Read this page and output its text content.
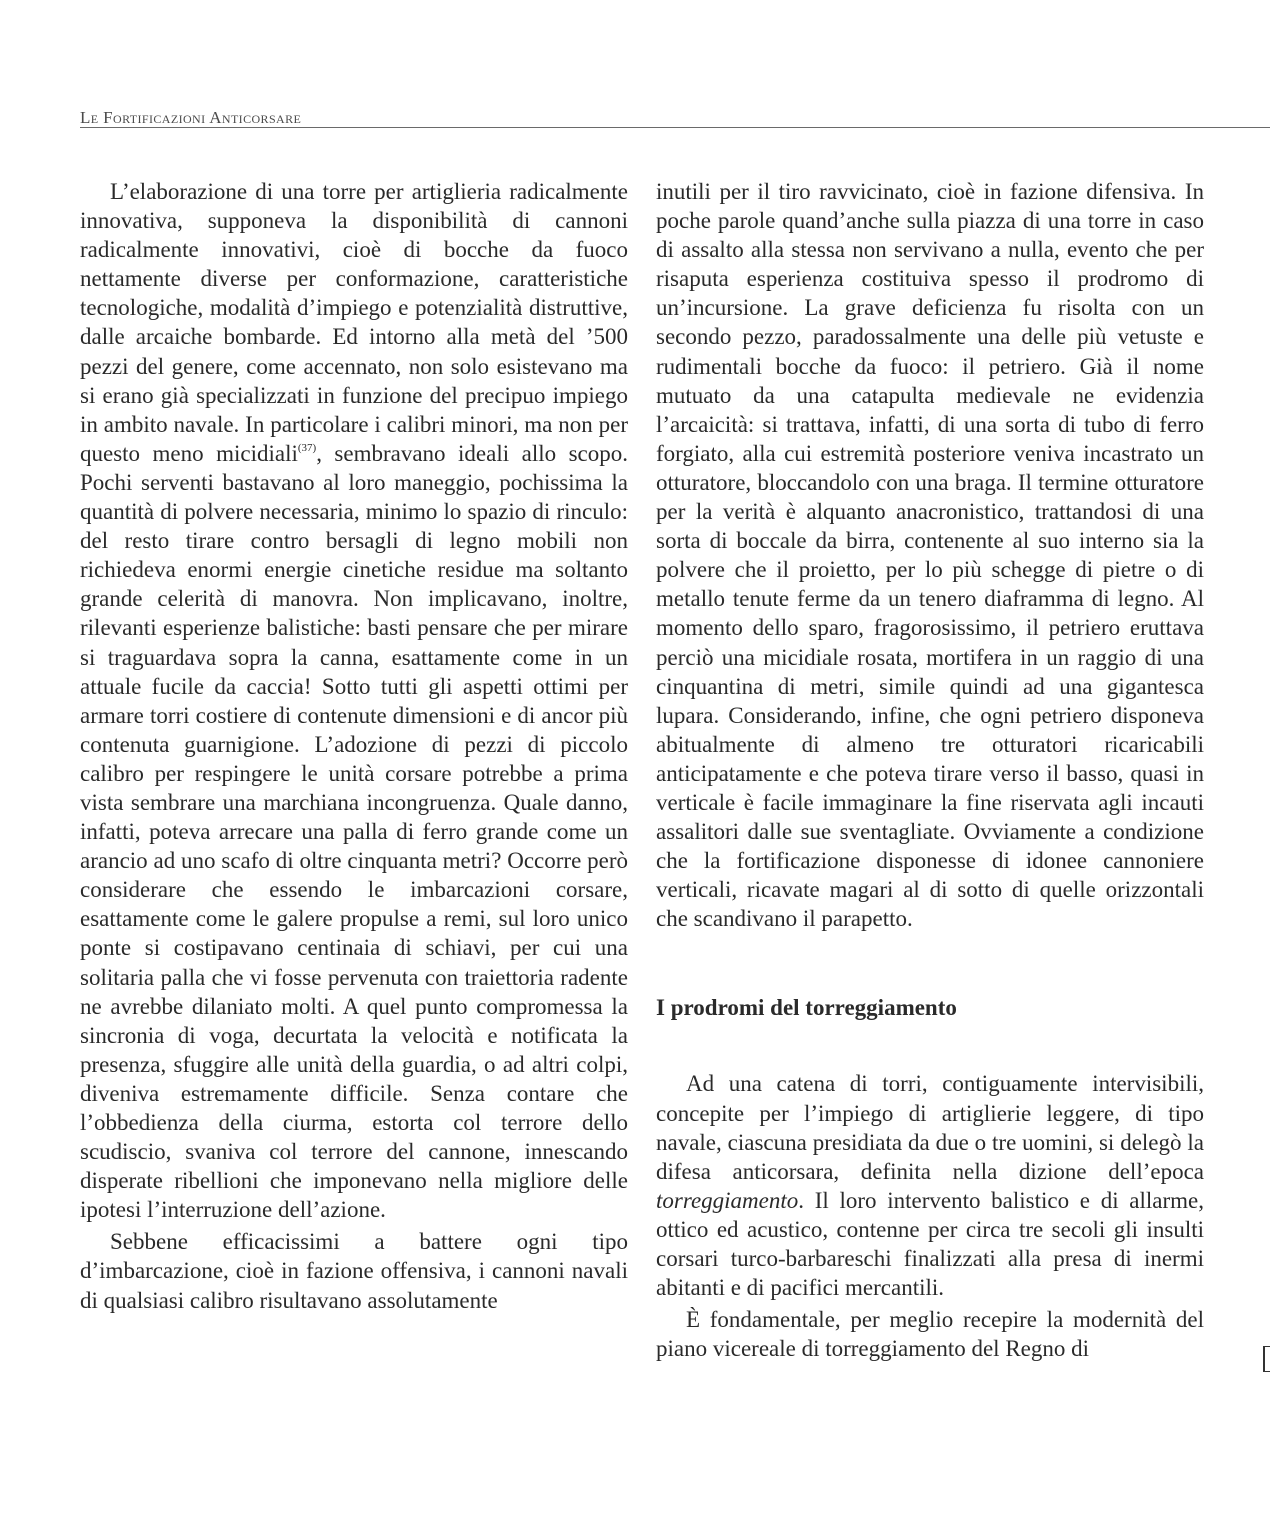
Le Fortificazioni Anticorsare

L’elaborazione di una torre per artiglieria radicalmente innovativa, supponeva la disponibilità di cannoni radicalmente innovativi, cioè di bocche da fuoco nettamente diverse per conformazione, caratteristiche tecnologiche, modalità d’impiego e potenzialità distruttive, dalle arcaiche bombarde. Ed intorno alla metà del ’500 pezzi del genere, come accennato, non solo esistevano ma si erano già specializzati in funzione del precipuo impiego in ambito navale. In particolare i calibri minori, ma non per questo meno micidiali$^{(37)}$, sembravano ideali allo scopo. Pochi serventi bastavano al loro maneggio, pochissima la quantità di polvere necessaria, minimo lo spazio di rinculo: del resto tirare contro bersagli di legno mobili non richiedeva enormi energie cinetiche residue ma soltanto grande celerità di manovra. Non implicavano, inoltre, rilevanti esperienze balistiche: basti pensare che per mirare si traguardava sopra la canna, esattamente come in un attuale fucile da caccia! Sotto tutti gli aspetti ottimi per armare torri costiere di contenute dimensioni e di ancor più contenuta guarnigione. L’adozione di pezzi di piccolo calibro per respingere le unità corsare potrebbe a prima vista sembrare una marchiana incongruenza. Quale danno, infatti, poteva arrecare una palla di ferro grande come un arancio ad uno scafo di oltre cinquanta metri? Occorre però considerare che essendo le imbarcazioni corsare, esattamente come le galere propulse a remi, sul loro unico ponte si costipavano centinaia di schiavi, per cui una solitaria palla che vi fosse pervenuta con traiettoria radente ne avrebbe dilaniato molti. A quel punto compromessa la sincronia di voga, decurtata la velocità e notificata la presenza, sfuggire alle unità della guardia, o ad altri colpi, diveniva estremamente difficile. Senza contare che l’obbedienza della ciurma, estorta col terrore dello scudiscio, svaniva col terrore del cannone, innescando disperate ribellioni che imponevano nella migliore delle ipotesi l’interruzione dell’azione.

Sebbene efficacissimi a battere ogni tipo d’imbarcazione, cioè in fazione offensiva, i cannoni navali di qualsiasi calibro risultavano assolutamente

inutili per il tiro ravvicinato, cioè in fazione difensiva. In poche parole quand’anche sulla piazza di una torre in caso di assalto alla stessa non servivano a nulla, evento che per risaputa esperienza costituiva spesso il prodromo di un’incursione. La grave deficienza fu risolta con un secondo pezzo, paradossalmente una delle più vetuste e rudimentali bocche da fuoco: il petriero. Già il nome mutuato da una catapulta medievale ne evidenzia l’arcaicità: si trattava, infatti, di una sorta di tubo di ferro forgiato, alla cui estremità posteriore veniva incastrato un otturatore, bloccandolo con una braga. Il termine otturatore per la verità è alquanto anacronistico, trattandosi di una sorta di boccale da birra, contenente al suo interno sia la polvere che il proietto, per lo più schegge di pietre o di metallo tenute ferme da un tenero diaframma di legno. Al momento dello sparo, fragorosissimo, il petriero eruttava perciò una micidiale rosata, mortifera in un raggio di una cinquantina di metri, simile quindi ad una gigantesca lupara. Considerando, infine, che ogni petriero disponeva abitualmente di almeno tre otturatori ricaricabili anticipatamente e che poteva tirare verso il basso, quasi in verticale è facile immaginare la fine riservata agli incauti assalitori dalle sue sventagliate. Ovviamente a condizione che la fortificazione disponesse di idonee cannoniere verticali, ricavate magari al di sotto di quelle orizzontali che scandivano il parapetto.

I prodromi del torreggiamento

Ad una catena di torri, contiguamente intervisibili, concepite per l’impiego di artiglierie leggere, di tipo navale, ciascuna presidiata da due o tre uomini, si delegò la difesa anticorsara, definita nella dizione dell’epoca torreggiamento. Il loro intervento balistico e di allarme, ottico ed acustico, contenne per circa tre secoli gli insulti corsari turco-barbareschi finalizzati alla presa di inermi abitanti e di pacifici mercantili.

È fondamentale, per meglio recepire la modernità del piano vicereale di torreggiamento del Regno di
